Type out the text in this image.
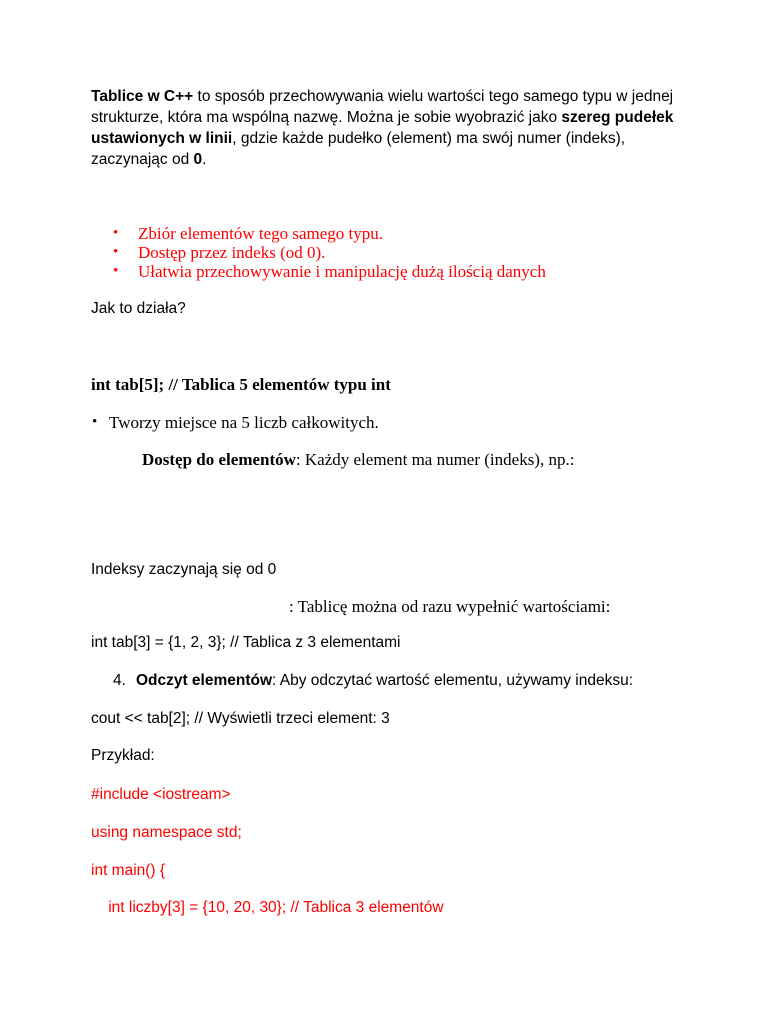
Tablice w C++ to sposób przechowywania wielu wartości tego samego typu w jednej strukturze, która ma wspólną nazwę. Można je sobie wyobrazić jako szereg pudełek ustawionych w linii, gdzie każde pudełko (element) ma swój numer (indeks), zaczynając od 0.

• Zbiór elementów tego samego typu.
• Dostęp przez indeks (od 0).
• Ułatwia przechowywanie i manipulację dużą ilością danych
Jak to działa?
int tab[5]; // Tablica 5 elementów typu int
• Tworzy miejsce na 5 liczb całkowitych.
Dostęp do elementów: Każdy element ma numer (indeks), np.:
Indeksy zaczynają się od 0
: Tablicę można od razu wypełnić wartościami:
int tab[3] = {1, 2, 3}; // Tablica z 3 elementami
4. Odczyt elementów: Aby odczytać wartość elementu, używamy indeksu:
cout << tab[2]; // Wyświetli trzeci element: 3
Przykład:
#include <iostream>
using namespace std;
int main() {
int liczby[3] = {10, 20, 30}; // Tablica 3 elementów
